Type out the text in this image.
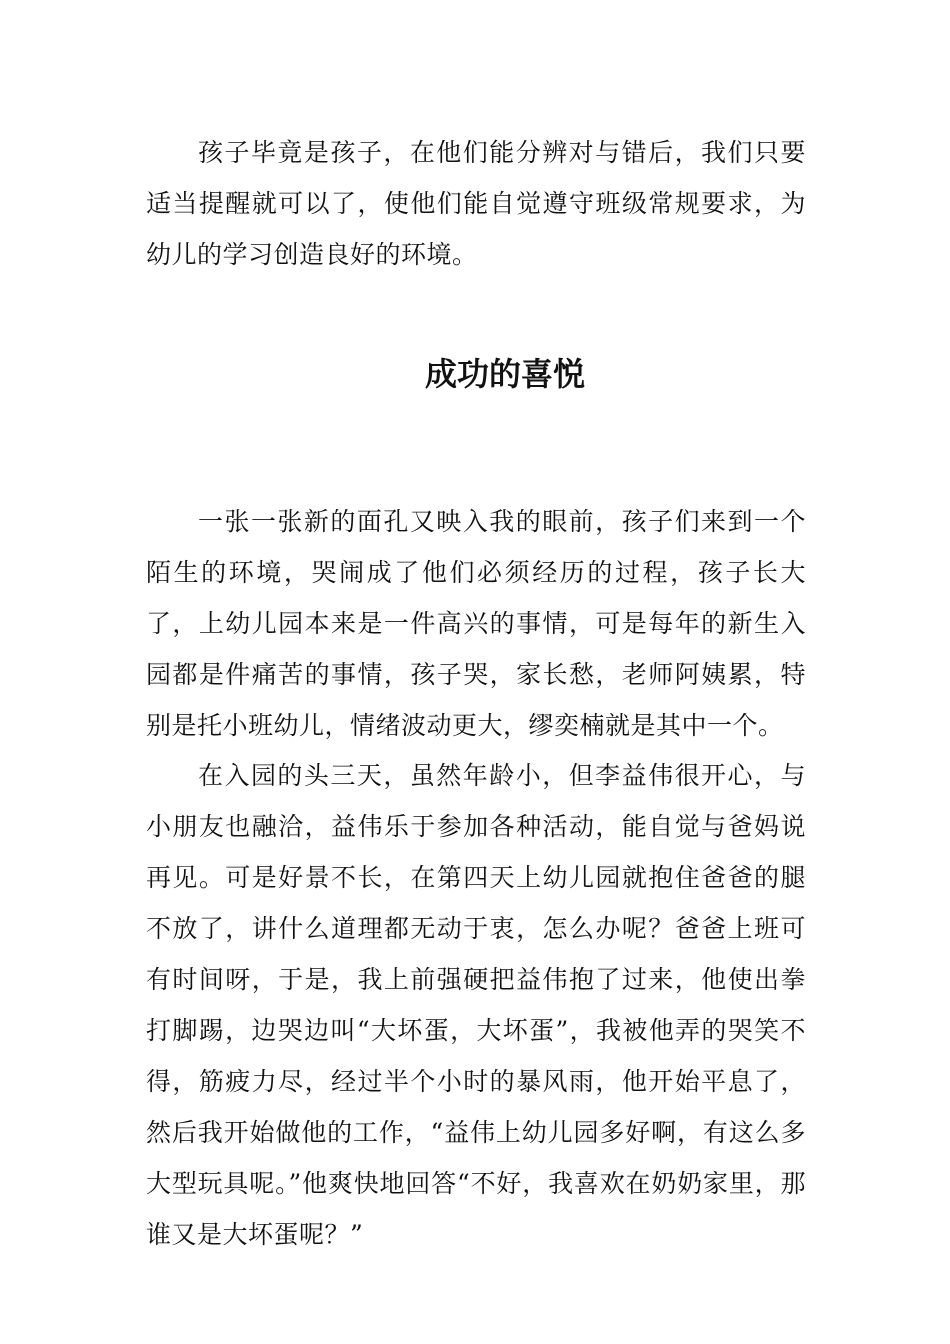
孩子毕竟是孩子，在他们能分辨对与错后，我们只要适当提醒就可以了，使他们能自觉遵守班级常规要求，为幼儿的学习创造良好的环境。

成功的喜悦

一张一张新的面孔又映入我的眼前，孩子们来到一个陌生的环境，哭闹成了他们必须经历的过程，孩子长大了，上幼儿园本来是一件高兴的事情，可是每年的新生入园都是件痛苦的事情，孩子哭，家长愁，老师阿姨累，特别是托小班幼儿，情绪波动更大，缪奕楠就是其中一个。

在入园的头三天，虽然年龄小，但李益伟很开心，与小朋友也融洽，益伟乐于参加各种活动，能自觉与爸妈说再见。可是好景不长，在第四天上幼儿园就抱住爸爸的腿不放了，讲什么道理都无动于衷，怎么办呢？爸爸上班可有时间呀，于是，我上前强硬把益伟抱了过来，他使出拳打脚踢，边哭边叫“大坏蛋，大坏蛋”，我被他弄的哭笑不得，筋疲力尽，经过半个小时的暴风雨，他开始平息了，然后我开始做他的工作，“益伟上幼儿园多好啊，有这么多大型玩具呢。”他爽快地回答“不好，我喜欢在奶奶家里，那谁又是大坏蛋呢？”
